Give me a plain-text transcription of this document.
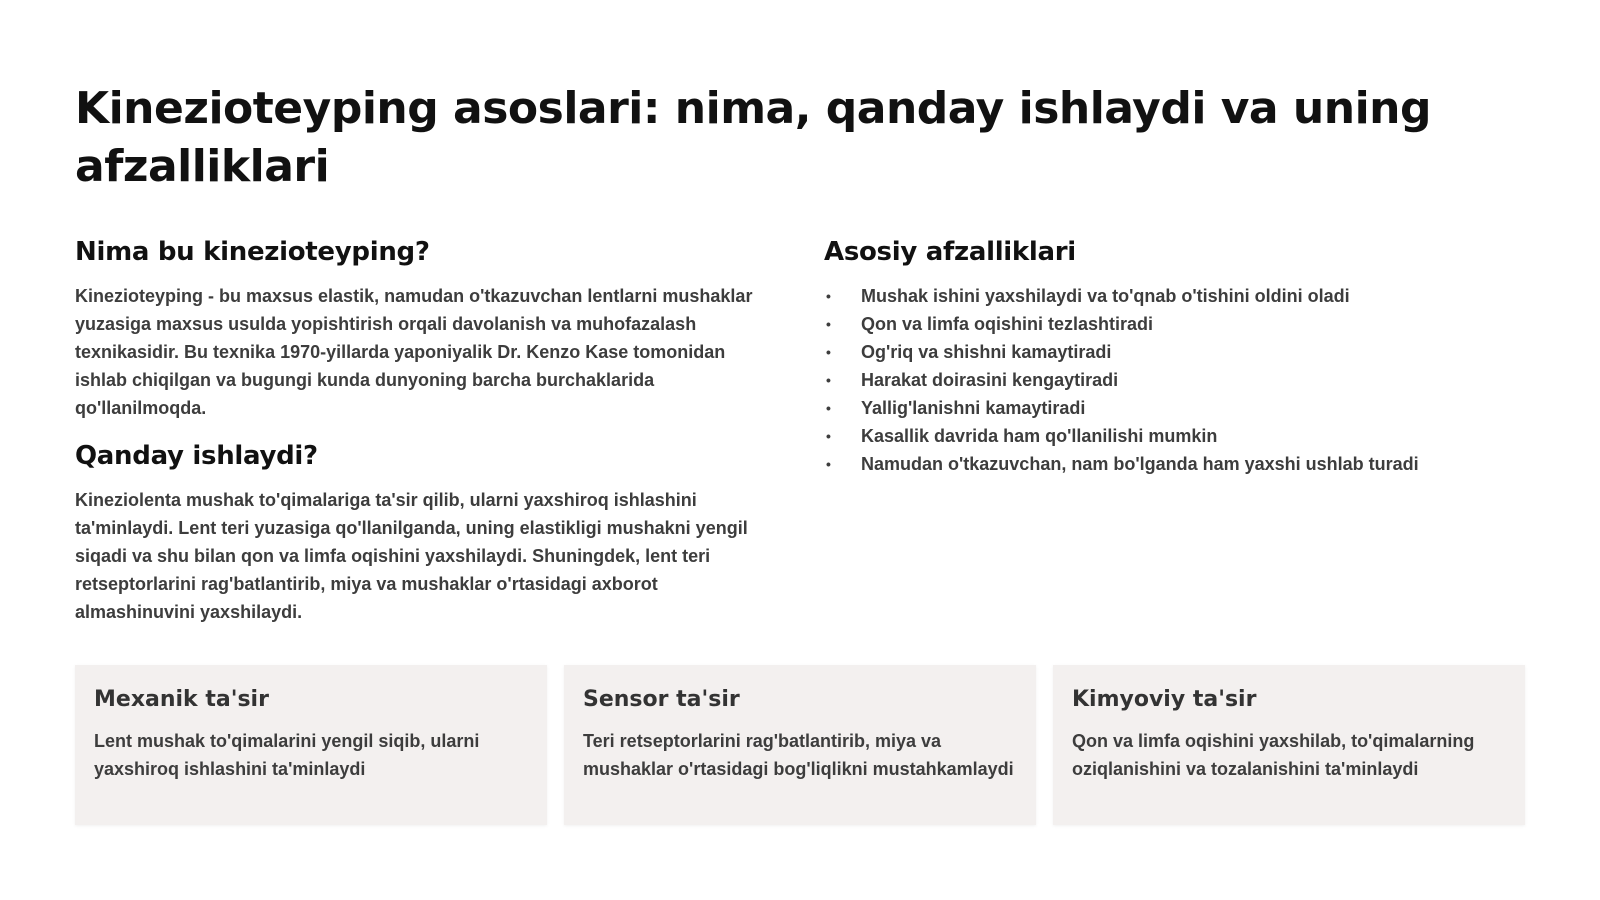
Kinezioteyping asoslari: nima, qanday ishlaydi va uning afzalliklari
Nima bu kinezioteyping?

Kinezioteyping - bu maxsus elastik, namudan o'tkazuvchan lentlarni mushaklar yuzasiga maxsus usulda yopishtirish orqali davolanish va muhofazalash texnikasidir. Bu texnika 1970-yillarda yaponiyalik Dr. Kenzo Kase tomonidan ishlab chiqilgan va bugungi kunda dunyoning barcha burchaklarida qo'llanilmoqda.

Qanday ishlaydi?

Kineziolenta mushak to'qimalariga ta'sir qilib, ularni yaxshiroq ishlashini ta'minlaydi. Lent teri yuzasiga qo'llanilganda, uning elastikligi mushakni yengil siqadi va shu bilan qon va limfa oqishini yaxshilaydi. Shuningdek, lent teri retseptorlarini rag'batlantirib, miya va mushaklar o'rtasidagi axborot almashinuvini yaxshilaydi.

Asosiy afzalliklari
• Mushak ishini yaxshilaydi va to'qnab o'tishini oldini oladi
• Qon va limfa oqishini tezlashtiradi
• Og'riq va shishni kamaytiradi
• Harakat doirasini kengaytiradi
• Yallig'lanishni kamaytiradi
• Kasallik davrida ham qo'llanilishi mumkin
• Namudan o'tkazuvchan, nam bo'lganda ham yaxshi ushlab turadi
Mexanik ta'sir

Lent mushak to'qimalarini yengil siqib, ularni yaxshiroq ishlashini ta'minlaydi

Sensor ta'sir

Teri retseptorlarini rag'batlantirib, miya va mushaklar o'rtasidagi bog'liqlikni mustahkamlaydi

Kimyoviy ta'sir

Qon va limfa oqishini yaxshilab, to'qimalarning oziqlanishini va tozalanishini ta'minlaydi
